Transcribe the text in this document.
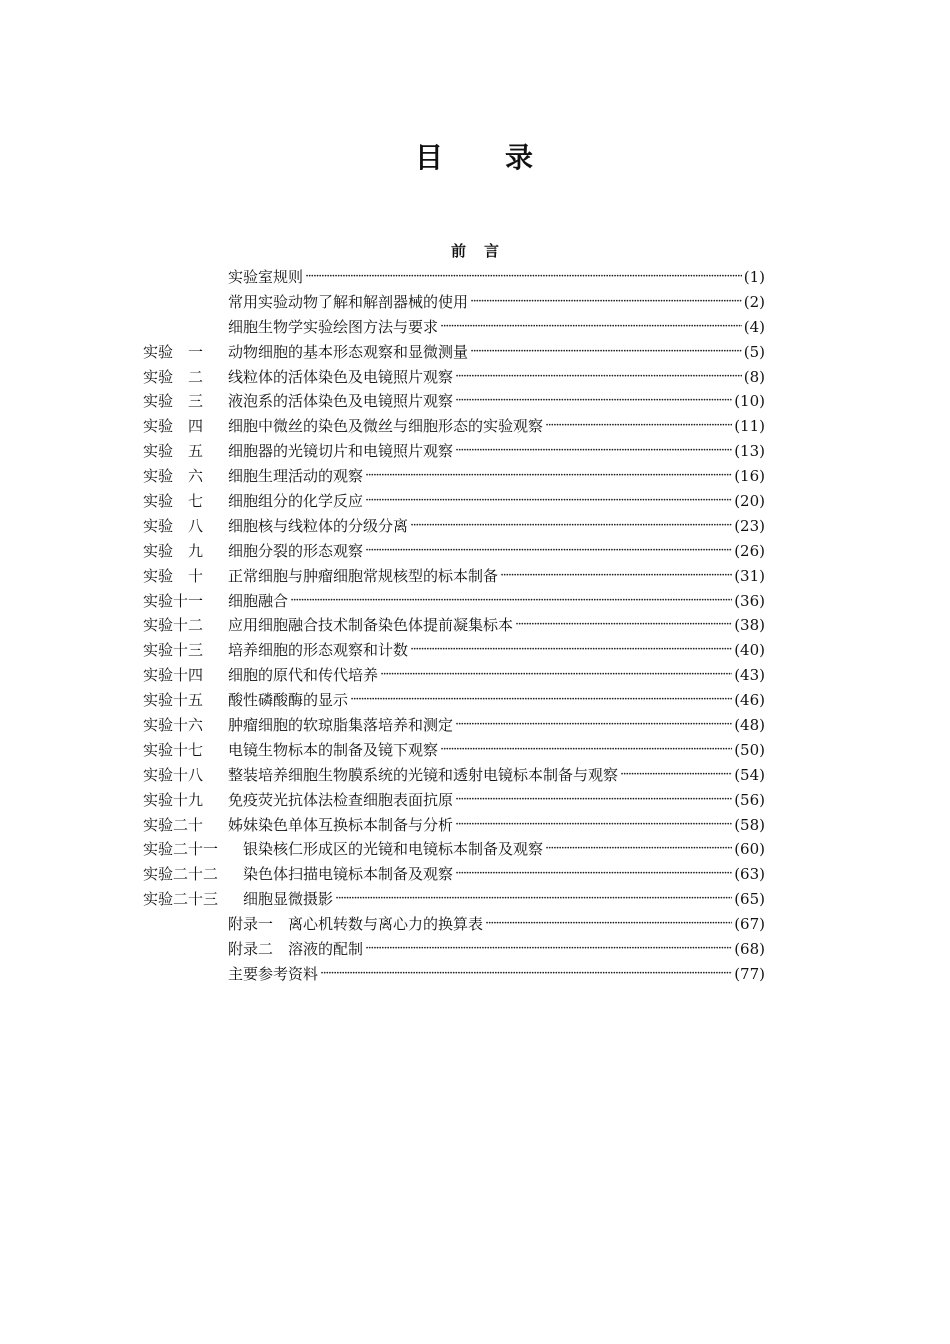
目 录
前 言
实验室规则 ·····	(1)
常用实验动物了解和解剖器械的使用 ·····	(2)
细胞生物学实验绘图方法与要求 ·····	(4)
实验　一	动物细胞的基本形态观察和显微测量 ·····	(5)
实验　二	线粒体的活体染色及电镜照片观察 ·····	(8)
实验　三	液泡系的活体染色及电镜照片观察 ·····	(10)
实验　四	细胞中微丝的染色及微丝与细胞形态的实验观察 ·····	(11)
实验　五	细胞器的光镜切片和电镜照片观察 ·····	(13)
实验　六	细胞生理活动的观察 ·····	(16)
实验　七	细胞组分的化学反应 ·····	(20)
实验　八	细胞核与线粒体的分级分离 ·····	(23)
实验　九	细胞分裂的形态观察 ·····	(26)
实验　十	正常细胞与肿瘤细胞常规核型的标本制备 ·····	(31)
实验十一	细胞融合 ·····	(36)
实验十二	应用细胞融合技术制备染色体提前凝集标本 ·····	(38)
实验十三	培养细胞的形态观察和计数 ·····	(40)
实验十四	细胞的原代和传代培养 ·····	(43)
实验十五	酸性磷酸酶的显示 ·····	(46)
实验十六	肿瘤细胞的软琼脂集落培养和测定 ·····	(48)
实验十七	电镜生物标本的制备及镜下观察 ·····	(50)
实验十八	整装培养细胞生物膜系统的光镜和透射电镜标本制备与观察 ·····	(54)
实验十九	免疫荧光抗体法检查细胞表面抗原 ·····	(56)
实验二十	姊妹染色单体互换标本制备与分析 ·····	(58)
实验二十一	银染核仁形成区的光镜和电镜标本制备及观察 ·····	(60)
实验二十二	染色体扫描电镜标本制备及观察 ·····	(63)
实验二十三	细胞显微摄影 ·····	(65)
附录一　离心机转数与离心力的换算表 ·····	(67)
附录二　溶液的配制 ·····	(68)
主要参考资料 ·····	(77)
